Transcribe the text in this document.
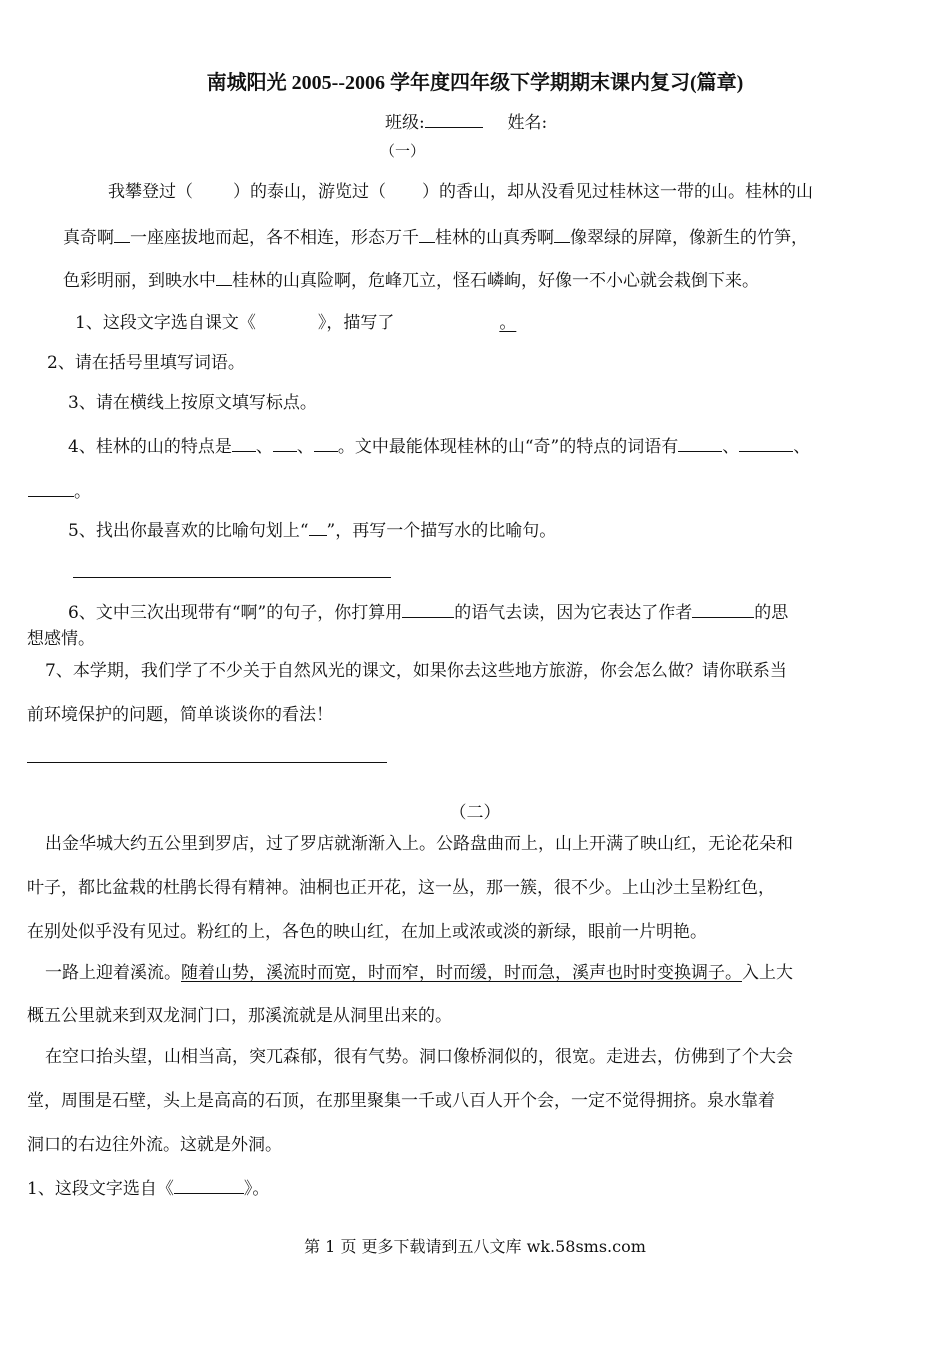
南城阳光 2005--2006 学年度四年级下学期期末课内复习(篇章)
班级:	姓名:
（一）
我攀登过（ ）的泰山，游览过（ ）的香山，却从没看见过桂林这一带的山。桂林的山
真奇啊 一座座拔地而起，各不相连，形态万千 桂林的山真秀啊 像翠绿的屏障，像新生的竹笋，
色彩明丽，到映水中 桂林的山真险啊，危峰兀立，怪石嶙峋，好像一不小心就会栽倒下来。
1、这段文字选自课文《	》，描写了	。
2、请在括号里填写词语。
3、请在横线上按原文填写标点。
4、桂林的山的特点是 、 、 。文中最能体现桂林的山“奇”的特点的词语有	、	、
。
5、找出你最喜欢的比喻句划上“ ”，再写一个描写水的比喻句。
6、文中三次出现带有“啊”的句子，你打算用	的语气去读，因为它表达了作者	的思
想感情。
7、本学期，我们学了不少关于自然风光的课文，如果你去这些地方旅游，你会怎么做？请你联系当
前环境保护的问题，简单谈谈你的看法！
（二）
出金华城大约五公里到罗店，过了罗店就渐渐入上。公路盘曲而上，山上开满了映山红，无论花朵和
叶子，都比盆栽的杜鹃长得有精神。油桐也正开花，这一丛，那一簇，很不少。上山沙土呈粉红色，
在别处似乎没有见过。粉红的上，各色的映山红，在加上或浓或淡的新绿，眼前一片明艳。
一路上迎着溪流。随着山势，溪流时而宽，时而窄，时而缓，时而急，溪声也时时变换调子。入上大
概五公里就来到双龙洞门口，那溪流就是从洞里出来的。
在空口抬头望，山相当高，突兀森郁，很有气势。洞口像桥洞似的，很宽。走进去，仿佛到了个大会
堂，周围是石壁，头上是高高的石顶，在那里聚集一千或八百人开个会，一定不觉得拥挤。泉水靠着
洞口的右边往外流。这就是外洞。
1、这段文字选自《	》。
第 1 页 更多下载请到五八文库 wk.58sms.com
